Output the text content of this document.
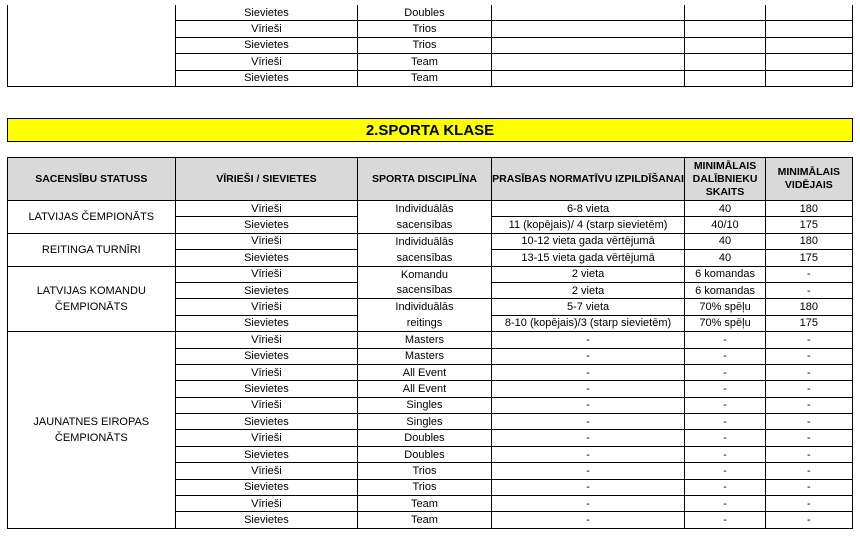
	Sievietes	Doubles			
	Vīrieši	Trios			
	Sievietes	Trios			
	Vīrieši	Team			
	Sievietes	Team			
2.SPORTA KLASE
SACENSĪBU STATUSS	VĪRIEŠI / SIEVIETES	SPORTA DISCIPLĪNA	PRASĪBAS NORMATĪVU IZPILDĪŠANAI	MINIMĀLAIS DALĪBNIEKU SKAITS	MINIMĀLAIS VIDĒJAIS
LATVIJAS ČEMPIONĀTS	Vīrieši	Individuālās	6-8 vieta	40	180
	Sievietes	sacensības	11 (kopējais)/ 4 (starp sievietēm)	40/10	175
REITINGA TURNĪRI	Vīrieši	Individuālās	10-12 vieta gada vērtējumā	40	180
	Sievietes	sacensības	13-15 vieta gada vērtējumā	40	175
LATVIJAS KOMANDU ČEMPIONĀTS	Vīrieši	Komandu	2 vieta	6 komandas	-
	Sievietes	sacensības	2 vieta	6 komandas	-
	Vīrieši	Individuālās	5-7 vieta	70% spēļu	180
	Sievietes	reitings	8-10 (kopējais)/3 (starp sievietēm)	70% spēļu	175
JAUNATNES EIROPAS ČEMPIONĀTS	Vīrieši	Masters	-	-	-
	Sievietes	Masters	-	-	-
	Vīrieši	All Event	-	-	-
	Sievietes	All Event	-	-	-
	Vīrieši	Singles	-	-	-
	Sievietes	Singles	-	-	-
	Vīrieši	Doubles	-	-	-
	Sievietes	Doubles	-	-	-
	Vīrieši	Trios	-	-	-
	Sievietes	Trios	-	-	-
	Vīrieši	Team	-	-	-
	Sievietes	Team	-	-	-
